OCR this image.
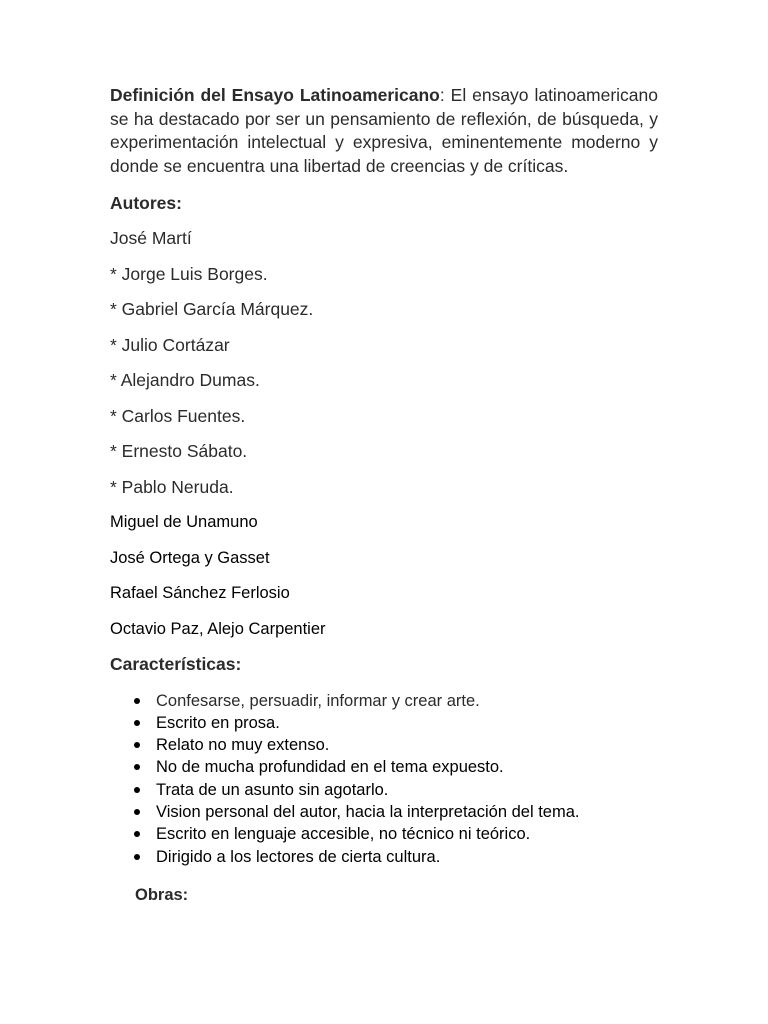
Definición del Ensayo Latinoamericano: El ensayo latinoamericano se ha destacado por ser un pensamiento de reflexión, de búsqueda, y experimentación intelectual y expresiva, eminentemente moderno y donde se encuentra una libertad de creencias y de críticas.

Autores:

José Martí

* Jorge Luis Borges.

* Gabriel García Márquez.

* Julio Cortázar

* Alejandro Dumas.

* Carlos Fuentes.

* Ernesto Sábato.

* Pablo Neruda.

Miguel de Unamuno

José Ortega y Gasset

Rafael Sánchez Ferlosio

Octavio Paz, Alejo Carpentier

Características:

Confesarse, persuadir, informar y crear arte.
Escrito en prosa.
Relato no muy extenso.
No de mucha profundidad en el tema expuesto.
Trata de un asunto sin agotarlo.
Vision personal del autor, hacia la interpretación del tema.
Escrito en lenguaje accesible, no técnico ni teórico.
Dirigido a los lectores de cierta cultura.

Obras:
